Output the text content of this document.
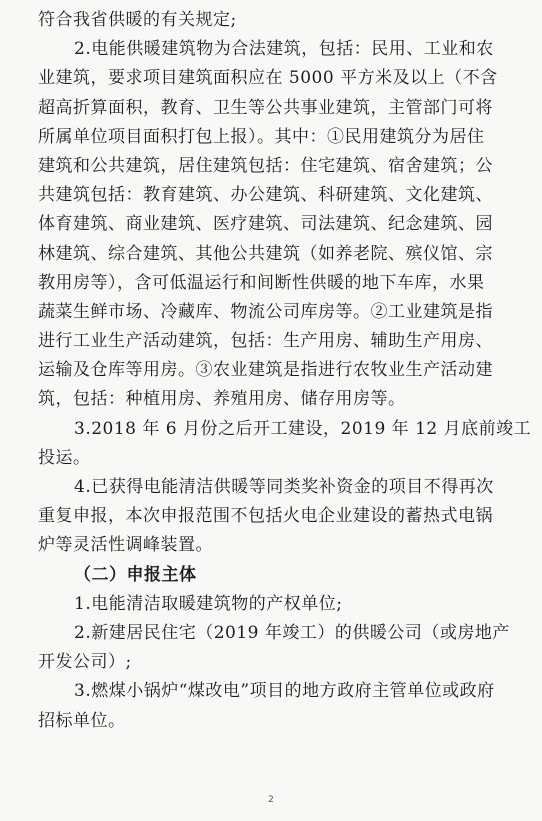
符合我省供暖的有关规定;
2.电能供暖建筑物为合法建筑，包括：民用、工业和农
业建筑，要求项目建筑面积应在 5000 平方米及以上（不含
超高折算面积，教育、卫生等公共事业建筑，主管部门可将
所属单位项目面积打包上报）。其中：①民用建筑分为居住
建筑和公共建筑，居住建筑包括：住宅建筑、宿舍建筑；公
共建筑包括：教育建筑、办公建筑、科研建筑、文化建筑、
体育建筑、商业建筑、医疗建筑、司法建筑、纪念建筑、园
林建筑、综合建筑、其他公共建筑（如养老院、殡仪馆、宗
教用房等），含可低温运行和间断性供暖的地下车库，水果
蔬菜生鲜市场、冷藏库、物流公司库房等。②工业建筑是指
进行工业生产活动建筑，包括：生产用房、辅助生产用房、
运输及仓库等用房。③农业建筑是指进行农牧业生产活动建
筑，包括：种植用房、养殖用房、储存用房等。
3.2018 年 6 月份之后开工建设，2019 年 12 月底前竣工
投运。
4.已获得电能清洁供暖等同类奖补资金的项目不得再次
重复申报，本次申报范围不包括火电企业建设的蓄热式电锅
炉等灵活性调峰装置。
（二）申报主体
1.电能清洁取暖建筑物的产权单位;
2.新建居民住宅（2019 年竣工）的供暖公司（或房地产
开发公司）;
3.燃煤小锅炉“煤改电”项目的地方政府主管单位或政府
招标单位。
2
